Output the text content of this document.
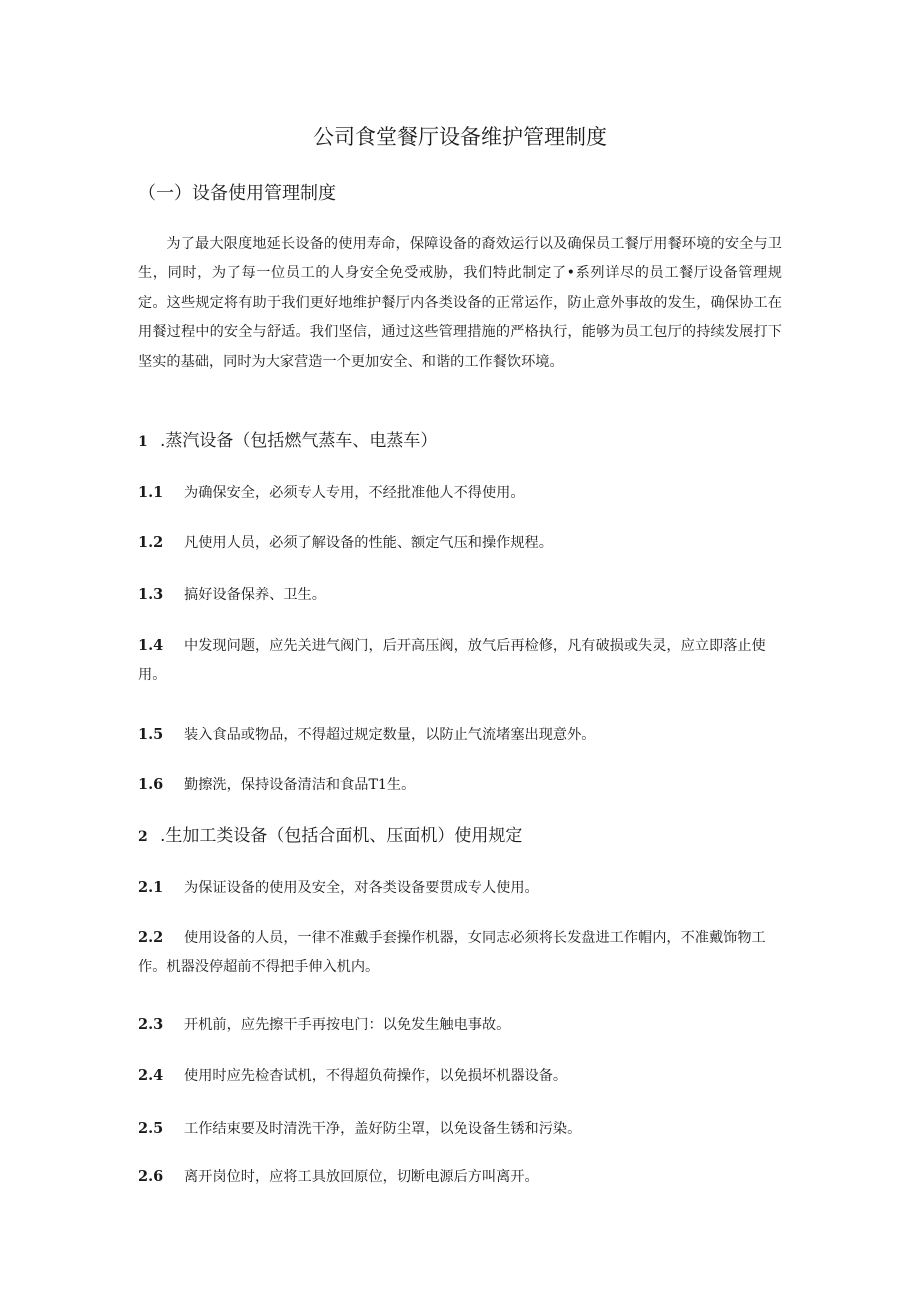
公司食堂餐厅设备维护管理制度
（一）设备使用管理制度

为了最大限度地延长设备的使用寿命，保障设备的裔效运行以及确保员工餐厅用餐环境的安全与卫生，同时，为了每一位员工的人身安全免受戒胁，我们特此制定了•系列详尽的员工餐厅设备管理规定。这些规定将有助于我们更好地维护餐厅内各类设备的正常运作，防止意外事故的发生，确保协工在用餐过程中的安全与舒适。我们坚信，通过这些管理措施的严格执行，能够为员工包厅的持续发展打下坚实的基础，同时为大家营造一个更加安全、和谐的工作餐饮环境。

1 .蒸汽设备（包括燃气蒸车、电蒸车）

1.1 为确保安全，必须专人专用，不经批准他人不得使用。

1.2 凡使用人员，必须了解设备的性能、额定气压和操作规程。

1.3 搞好设备保养、卫生。

1.4 中发现问题，应先关进气阀门，后开高压阀，放气后再检修，凡有破损或失灵，应立即落止使用。

1.5 装入食品或物品，不得超过规定数量，以防止气流堵塞出现意外。

1.6 勤擦洗，保持设备清洁和食品T1生。

2 .生加工类设备（包括合面机、压面机）使用规定

2.1 为保证设备的使用及安全，对各类设备要贯成专人使用。

2.2 使用设备的人员，一律不准戴手套操作机器，女同志必须将长发盘进工作帽内，不准戴饰物工作。机器没停超前不得把手伸入机内。

2.3 开机前，应先擦干手再按电门：以免发生触电事故。

2.4 使用时应先检杳试机，不得超负荷操作，以免损坏机器设备。

2.5 工作结束要及时清洗干净，盖好防尘罩，以免设备生锈和污染。

2.6 离开岗位时，应将工具放回原位，切断电源后方叫离开。
